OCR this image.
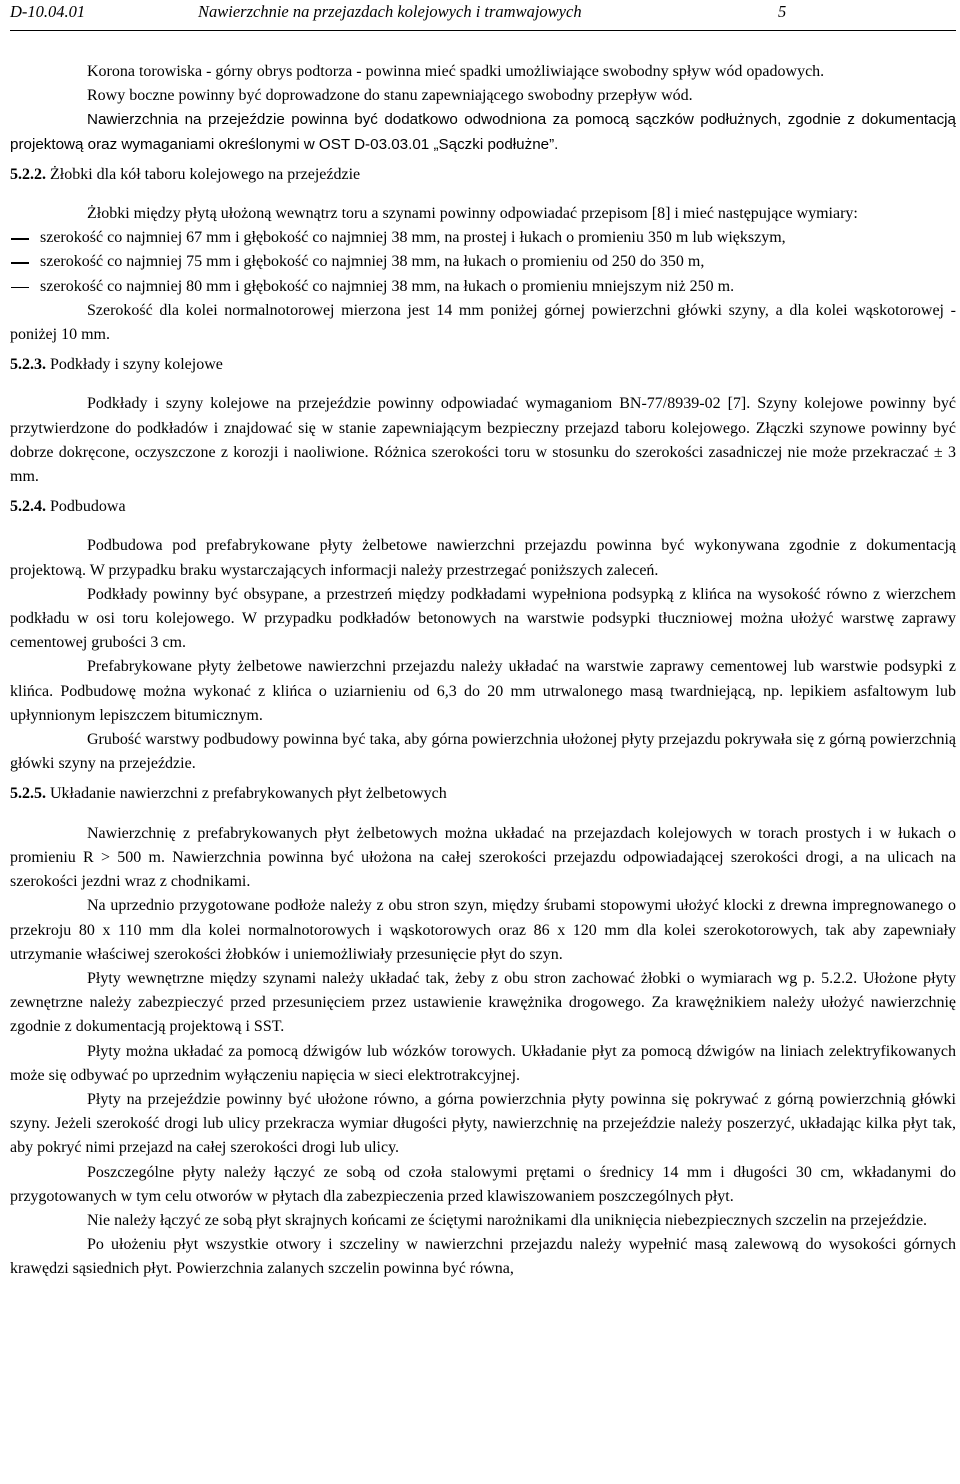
D-10.04.01	Nawierzchnie na przejazdach kolejowych i tramwajowych	5

Korona torowiska - górny obrys podtorza - powinna mieć spadki umożliwiające swobodny spływ wód opadowych.

Rowy boczne powinny być doprowadzone do stanu zapewniającego swobodny przepływ wód.

Nawierzchnia na przejeździe powinna być dodatkowo odwodniona za pomocą sączków podłużnych, zgodnie z dokumentacją projektową oraz wymaganiami określonymi w OST D-03.03.01 „Sączki podłużne”.

5.2.2. Żłobki dla kół taboru kolejowego na przejeździe

Żłobki między płytą ułożoną wewnątrz toru a szynami powinny odpowiadać przepisom [8] i mieć następujące wymiary:

szerokość co najmniej 67 mm i głębokość co najmniej 38 mm, na prostej i łukach o promieniu 350 m lub większym,
szerokość co najmniej 75 mm i głębokość co najmniej 38 mm, na łukach o promieniu od 250 do 350 m,
szerokość co najmniej 80 mm i głębokość co najmniej 38 mm, na łukach o promieniu mniejszym niż 250 m.

Szerokość dla kolei normalnotorowej mierzona jest 14 mm poniżej górnej powierzchni główki szyny, a dla kolei wąskotorowej - poniżej 10 mm.

5.2.3. Podkłady i szyny kolejowe

Podkłady i szyny kolejowe na przejeździe powinny odpowiadać wymaganiom BN-77/8939-02 [7]. Szyny kolejowe powinny być przytwierdzone do podkładów i znajdować się w stanie zapewniającym bezpieczny przejazd taboru kolejowego. Złączki szynowe powinny być dobrze dokręcone, oczyszczone z korozji i naoliwione. Różnica szerokości toru w stosunku do szerokości zasadniczej nie może przekraczać ± 3 mm.

5.2.4. Podbudowa

Podbudowa pod prefabrykowane płyty żelbetowe nawierzchni przejazdu powinna być wykonywana zgodnie z dokumentacją projektową. W przypadku braku wystarczających informacji należy przestrzegać poniższych zaleceń.

Podkłady powinny być obsypane, a przestrzeń między podkładami wypełniona podsypką z klińca na wysokość równo z wierzchem podkładu w osi toru kolejowego. W przypadku podkładów betonowych na warstwie podsypki tłuczniowej można ułożyć warstwę zaprawy cementowej grubości 3 cm.

Prefabrykowane płyty żelbetowe nawierzchni przejazdu należy układać na warstwie zaprawy cementowej lub warstwie podsypki z klińca. Podbudowę można wykonać z klińca o uziarnieniu od 6,3 do 20 mm utrwalonego masą twardniejącą, np. lepikiem asfaltowym lub upłynnionym lepiszczem bitumicznym.

Grubość warstwy podbudowy powinna być taka, aby górna powierzchnia ułożonej płyty przejazdu pokrywała się z górną powierzchnią główki szyny na przejeździe.

5.2.5. Układanie nawierzchni z prefabrykowanych płyt żelbetowych

Nawierzchnię z prefabrykowanych płyt żelbetowych można układać na przejazdach kolejowych w torach prostych i w łukach o promieniu R > 500 m. Nawierzchnia powinna być ułożona na całej szerokości przejazdu odpowiadającej szerokości drogi, a na ulicach na szerokości jezdni wraz z chodnikami.

Na uprzednio przygotowane podłoże należy z obu stron szyn, między śrubami stopowymi ułożyć klocki z drewna impregnowanego o przekroju 80 x 110 mm dla kolei normalnotorowych i wąskotorowych oraz 86 x 120 mm dla kolei szerokotorowych, tak aby zapewniały utrzymanie właściwej szerokości żłobków i uniemożliwiały przesunięcie płyt do szyn.

Płyty wewnętrzne między szynami należy układać tak, żeby z obu stron zachować żłobki o wymiarach wg p. 5.2.2. Ułożone płyty zewnętrzne należy zabezpieczyć przed przesunięciem przez ustawienie krawężnika drogowego. Za krawężnikiem należy ułożyć nawierzchnię zgodnie z dokumentacją projektową i SST.

Płyty można układać za pomocą dźwigów lub wózków torowych. Układanie płyt za pomocą dźwigów na liniach zelektryfikowanych może się odbywać po uprzednim wyłączeniu napięcia w sieci elektrotrakcyjnej.

Płyty na przejeździe powinny być ułożone równo, a górna powierzchnia płyty powinna się pokrywać z górną powierzchnią główki szyny. Jeżeli szerokość drogi lub ulicy przekracza wymiar długości płyty, nawierzchnię na przejeździe należy poszerzyć, układając kilka płyt tak, aby pokryć nimi przejazd na całej szerokości drogi lub ulicy.

Poszczególne płyty należy łączyć ze sobą od czoła stalowymi prętami o średnicy 14 mm i długości 30 cm, wkładanymi do przygotowanych w tym celu otworów w płytach dla zabezpieczenia przed klawiszowaniem poszczególnych płyt.

Nie należy łączyć ze sobą płyt skrajnych końcami ze ściętymi narożnikami dla uniknięcia niebezpiecznych szczelin na przejeździe.

Po ułożeniu płyt wszystkie otwory i szczeliny w nawierzchni przejazdu należy wypełnić masą zalewową do wysokości górnych krawędzi sąsiednich płyt. Powierzchnia zalanych szczelin powinna być równa,
